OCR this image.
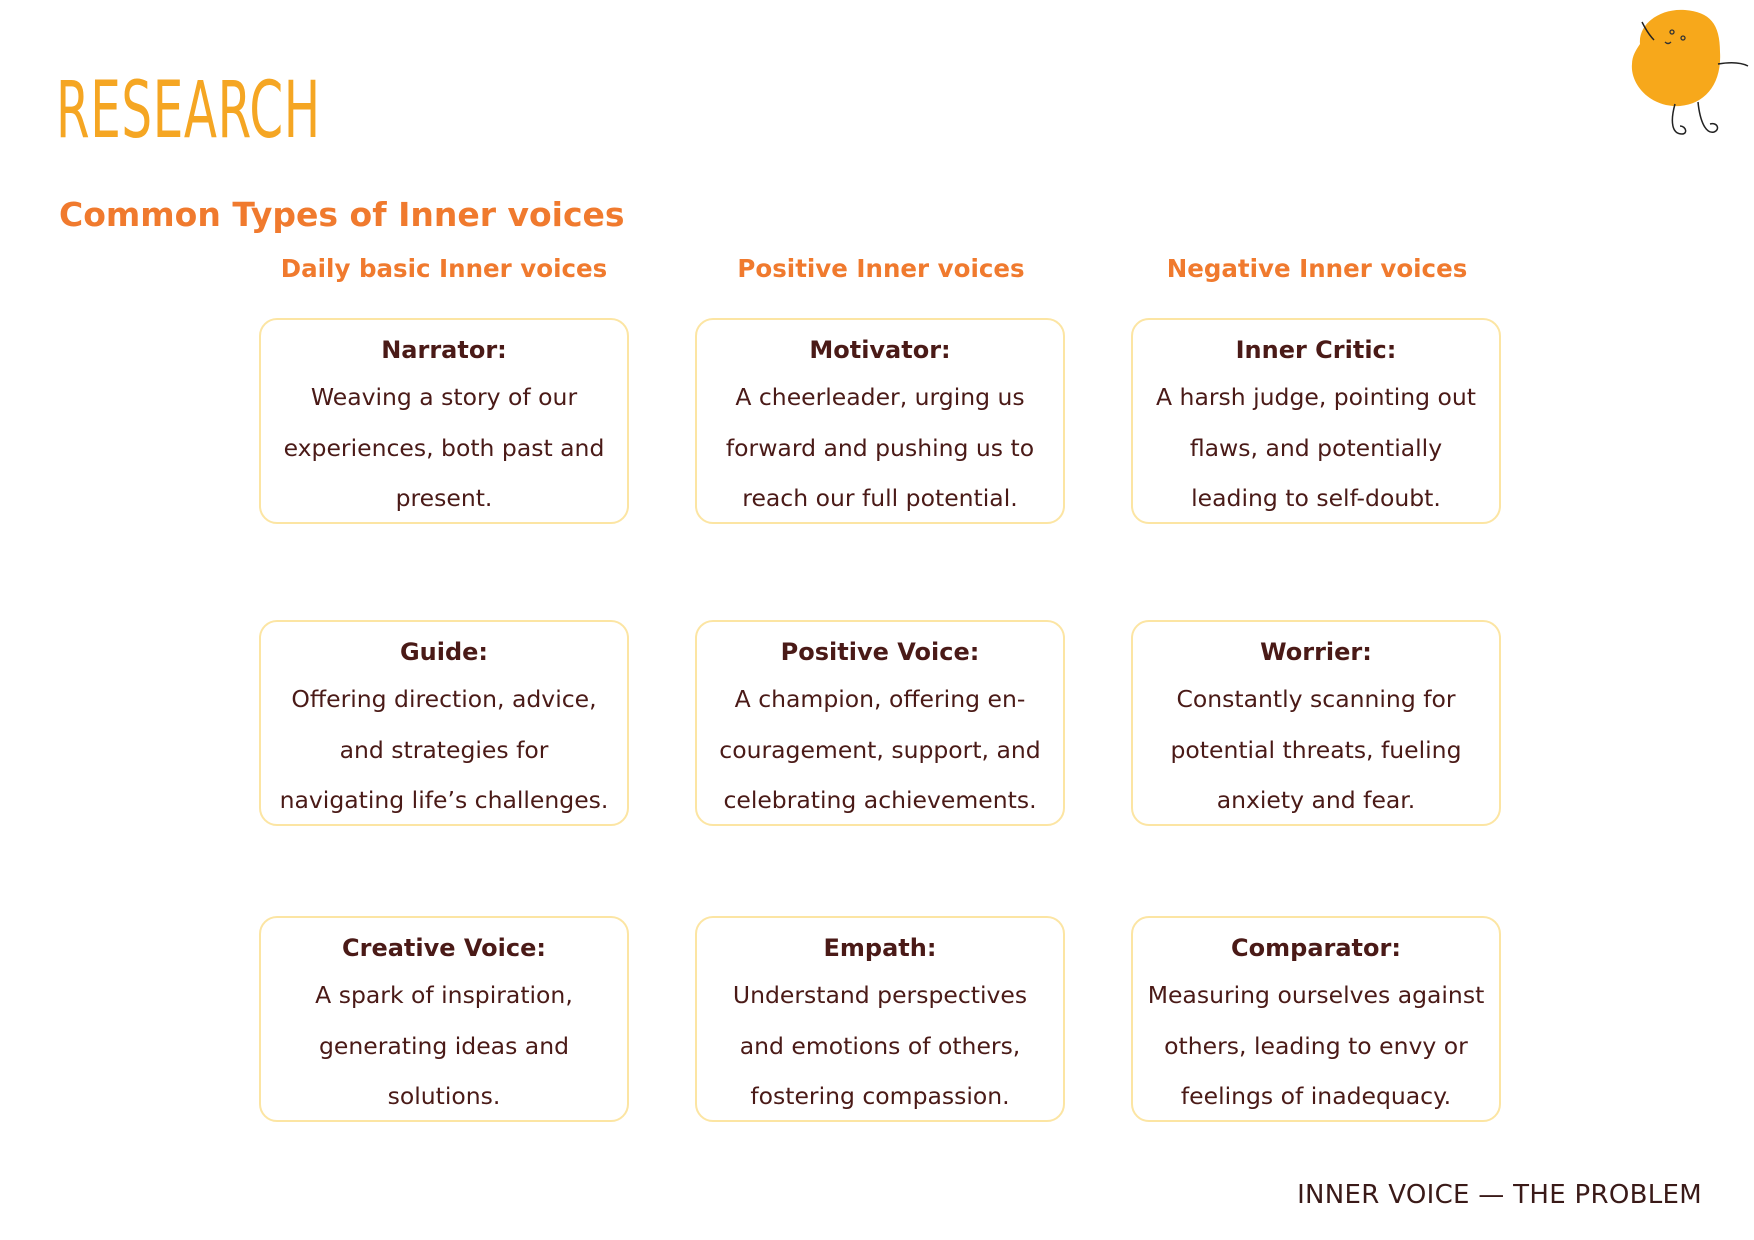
RESEARCH
Common Types of Inner voices
Daily basic Inner voices	Positive Inner voices	Negative Inner voices
Narrator:
Weaving a story of our experiences, both past and present.
Guide:
Offering direction, advice, and strategies for navigating life’s challenges.
Creative Voice:
A spark of inspiration, generating ideas and solutions.
Motivator:
A cheerleader, urging us forward and pushing us to reach our full potential.
Positive Voice:
A champion, offering en-couragement, support, and celebrating achievements.
Empath:
Understand perspectives and emotions of others, fostering compassion.
Inner Critic:
A harsh judge, pointing out flaws, and potentially leading to self-doubt.
Worrier:
Constantly scanning for potential threats, fueling anxiety and fear.
Comparator:
Measuring ourselves against others, leading to envy or feelings of inadequacy.
INNER VOICE — THE PROBLEM
